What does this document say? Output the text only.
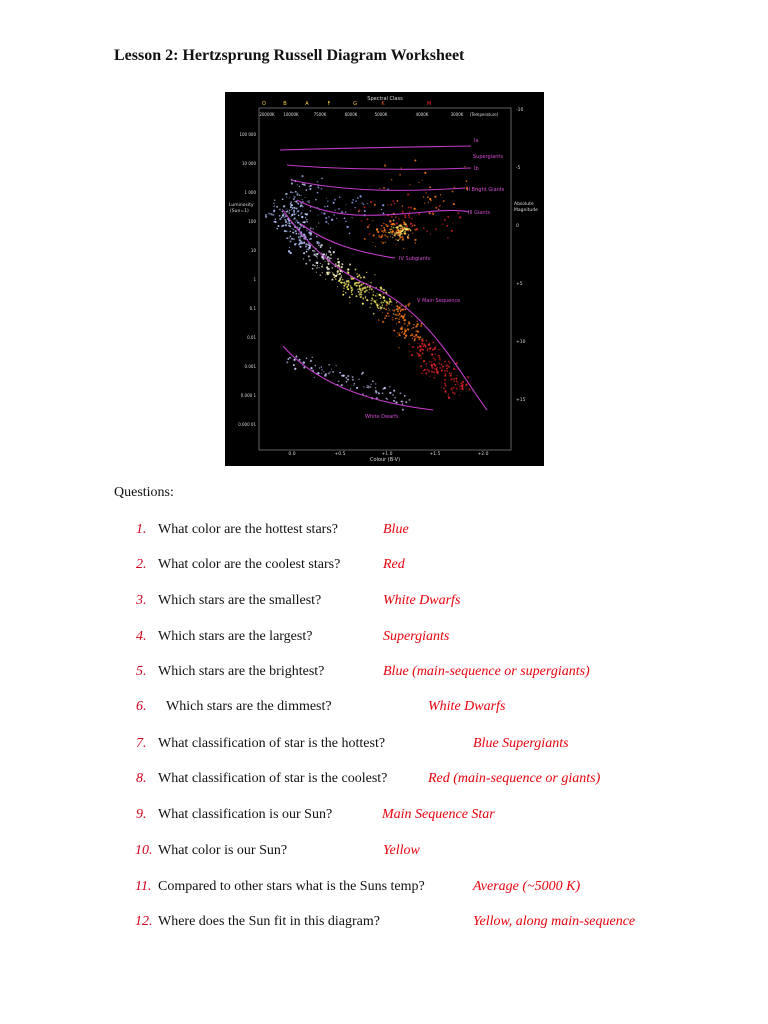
Lesson 2: Hertzsprung Russell Diagram Worksheet
Spectral Class
O	B	A	F	G	K	M
20000K 10000K	7500K	6000K	5000K	4000K	3000K (Temperature)
100 000
10 000
1 000
100
10
1
0.1
0.01
0.001
0.000 1
0.000 01
Luminosity
(Sun=1)
-10
-5
0
+5
+10
+15
Absolute
Magnitude
0.0	+0.5	+1.0	+1.5	+2.0
Colour (B-V)
Ia
Supergiants
Ib
II Bright Giants
III Giants
IV Subgiants
V Main Sequence
White Dwarfs
Questions:
1. What color are the hottest stars?	Blue
2. What color are the coolest stars?	Red
3. Which stars are the smallest?	White Dwarfs
4. Which stars are the largest?	Supergiants
5. Which stars are the brightest?	Blue (main-sequence or supergiants)
6. Which stars are the dimmest?	White Dwarfs
7. What classification of star is the hottest?	Blue Supergiants
8. What classification of star is the coolest?	Red (main-sequence or giants)
9. What classification is our Sun?	Main Sequence Star
10. What color is our Sun?	Yellow
11. Compared to other stars what is the Suns temp?	Average (~5000 K)
12. Where does the Sun fit in this diagram?	Yellow, along main-sequence
